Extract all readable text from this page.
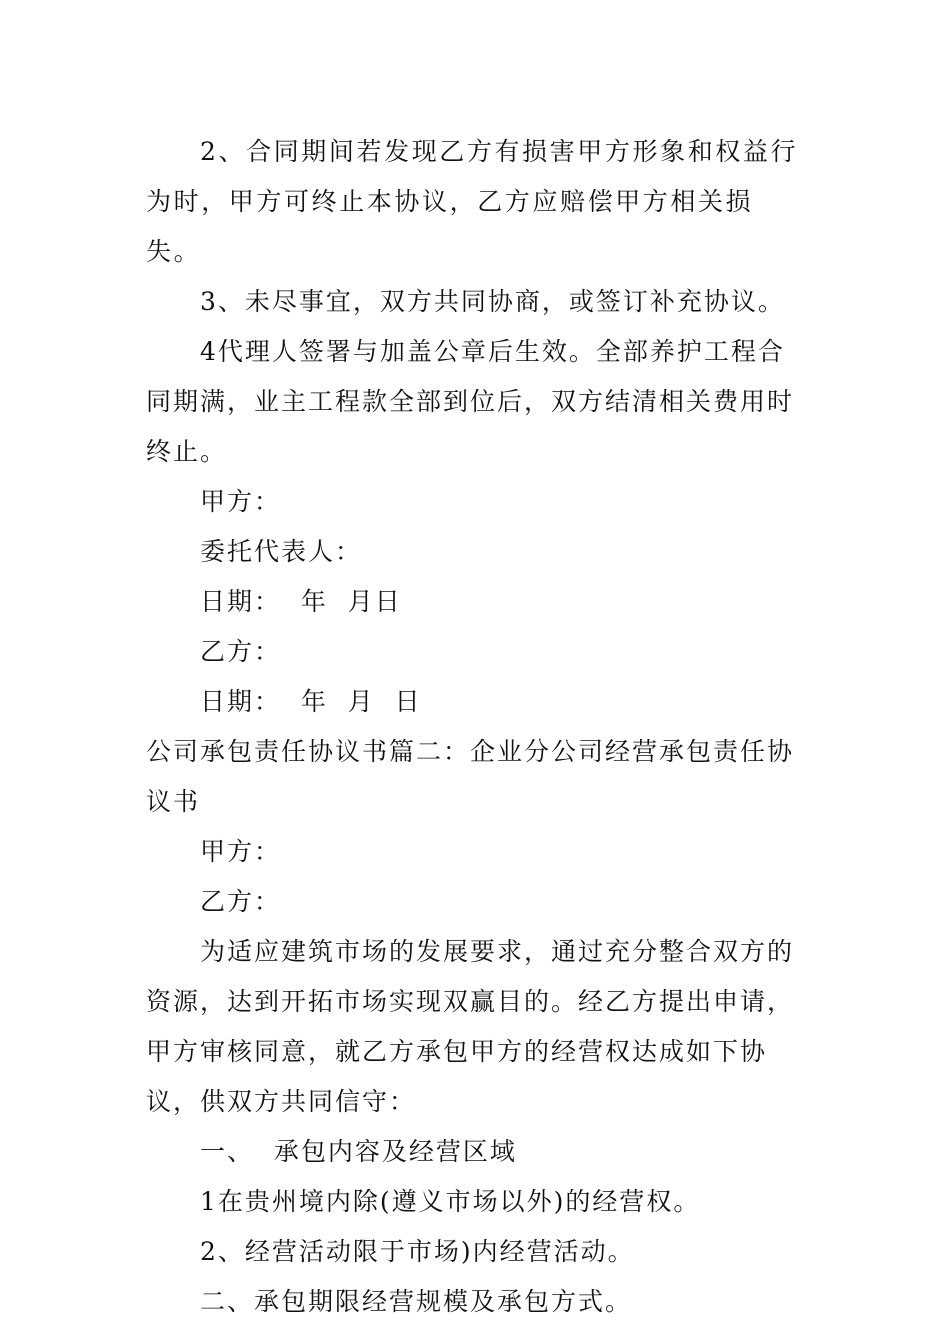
2、合同期间若发现乙方有损害甲方形象和权益行为时，甲方可终止本协议，乙方应赔偿甲方相关损失。

3、未尽事宜，双方共同协商，或签订补充协议。

4代理人签署与加盖公章后生效。全部养护工程合同期满，业主工程款全部到位后，双方结清相关费用时终止。

甲方：

委托代表人：

日期：  年  月日

乙方：

日期：  年  月  日

公司承包责任协议书篇二：企业分公司经营承包责任协议书

甲方：

乙方：

为适应建筑市场的发展要求，通过充分整合双方的资源，达到开拓市场实现双赢目的。经乙方提出申请，甲方审核同意，就乙方承包甲方的经营权达成如下协议，供双方共同信守：

一、  承包内容及经营区域

1在贵州境内除(遵义市场以外)的经营权。

2、经营活动限于市场)内经营活动。

二、承包期限经营规模及承包方式。
